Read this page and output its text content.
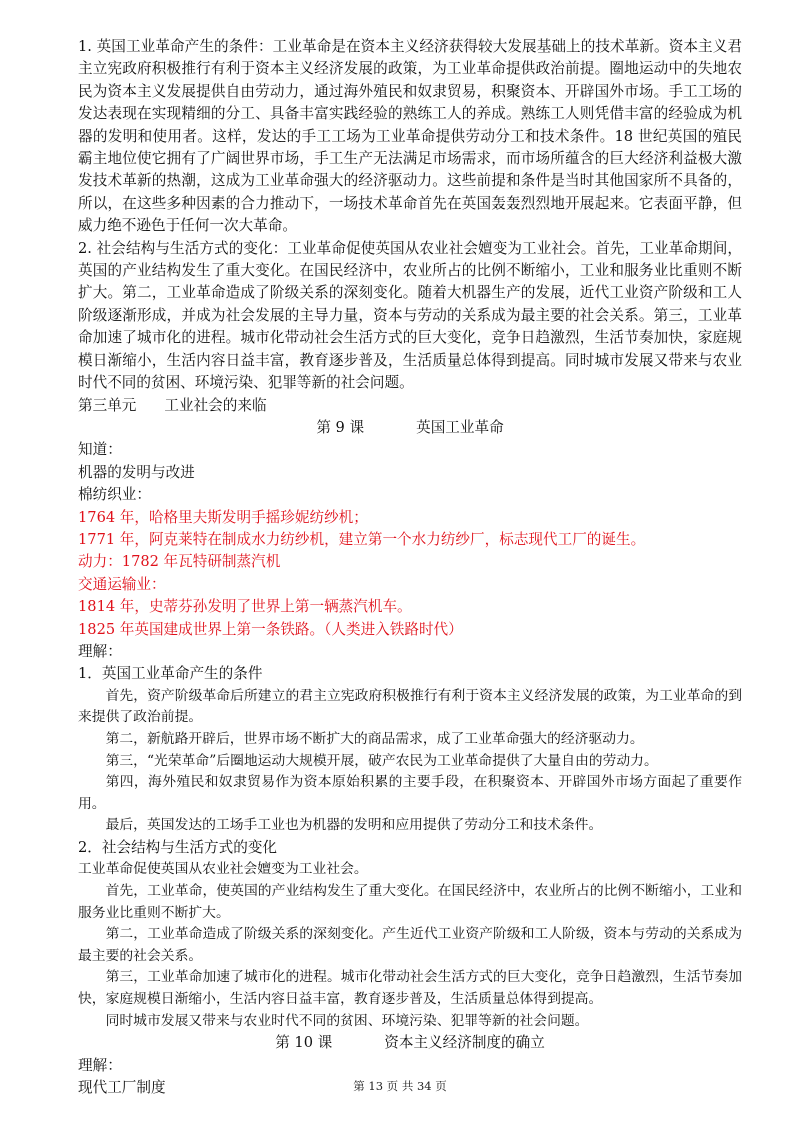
1. 英国工业革命产生的条件：工业革命是在资本主义经济获得较大发展基础上的技术革新。资本主义君主立宪政府积极推行有利于资本主义经济发展的政策，为工业革命提供政治前提。圈地运动中的失地农民为资本主义发展提供自由劳动力，通过海外殖民和奴隶贸易，积聚资本、开辟国外市场。手工工场的发达表现在实现精细的分工、具备丰富实践经验的熟练工人的养成。熟练工人则凭借丰富的经验成为机器的发明和使用者。这样，发达的手工工场为工业革命提供劳动分工和技术条件。18 世纪英国的殖民霸主地位使它拥有了广阔世界市场，手工生产无法满足市场需求，而市场所蕴含的巨大经济利益极大激发技术革新的热潮，这成为工业革命强大的经济驱动力。这些前提和条件是当时其他国家所不具备的，所以，在这些多种因素的合力推动下，一场技术革命首先在英国轰轰烈烈地开展起来。它表面平静，但威力绝不逊色于任何一次大革命。

2. 社会结构与生活方式的变化：工业革命促使英国从农业社会嬗变为工业社会。首先，工业革命期间，英国的产业结构发生了重大变化。在国民经济中，农业所占的比例不断缩小，工业和服务业比重则不断扩大。第二，工业革命造成了阶级关系的深刻变化。随着大机器生产的发展，近代工业资产阶级和工人阶级逐渐形成，并成为社会发展的主导力量，资本与劳动的关系成为最主要的社会关系。第三，工业革命加速了城市化的进程。城市化带动社会生活方式的巨大变化，竞争日趋激烈，生活节奏加快，家庭规模日渐缩小，生活内容日益丰富，教育逐步普及，生活质量总体得到提高。同时城市发展又带来与农业时代不同的贫困、环境污染、犯罪等新的社会问题。

第三单元 工业社会的来临

第 9 课	英国工业革命

知道：

机器的发明与改进

棉纺织业：

1764 年，哈格里夫斯发明手摇珍妮纺纱机；

1771 年，阿克莱特在制成水力纺纱机，建立第一个水力纺纱厂，标志现代工厂的诞生。

动力：1782 年瓦特研制蒸汽机

交通运输业：

1814 年，史蒂芬孙发明了世界上第一辆蒸汽机车。

1825 年英国建成世界上第一条铁路。（人类进入铁路时代）

理解：

1．英国工业革命产生的条件

首先，资产阶级革命后所建立的君主立宪政府积极推行有利于资本主义经济发展的政策，为工业革命的到来提供了政治前提。

第二，新航路开辟后，世界市场不断扩大的商品需求，成了工业革命强大的经济驱动力。

第三，“光荣革命”后圈地运动大规模开展，破产农民为工业革命提供了大量自由的劳动力。

第四，海外殖民和奴隶贸易作为资本原始积累的主要手段，在积聚资本、开辟国外市场方面起了重要作用。

最后，英国发达的工场手工业也为机器的发明和应用提供了劳动分工和技术条件。

2．社会结构与生活方式的变化

工业革命促使英国从农业社会嬗变为工业社会。

首先，工业革命，使英国的产业结构发生了重大变化。在国民经济中，农业所占的比例不断缩小，工业和服务业比重则不断扩大。

第二，工业革命造成了阶级关系的深刻变化。产生近代工业资产阶级和工人阶级，资本与劳动的关系成为最主要的社会关系。

第三，工业革命加速了城市化的进程。城市化带动社会生活方式的巨大变化，竞争日趋激烈，生活节奏加快，家庭规模日渐缩小，生活内容日益丰富，教育逐步普及，生活质量总体得到提高。

同时城市发展又带来与农业时代不同的贫困、环境污染、犯罪等新的社会问题。

第 10 课	资本主义经济制度的确立

理解：

现代工厂制度	第 13 页 共 34 页
